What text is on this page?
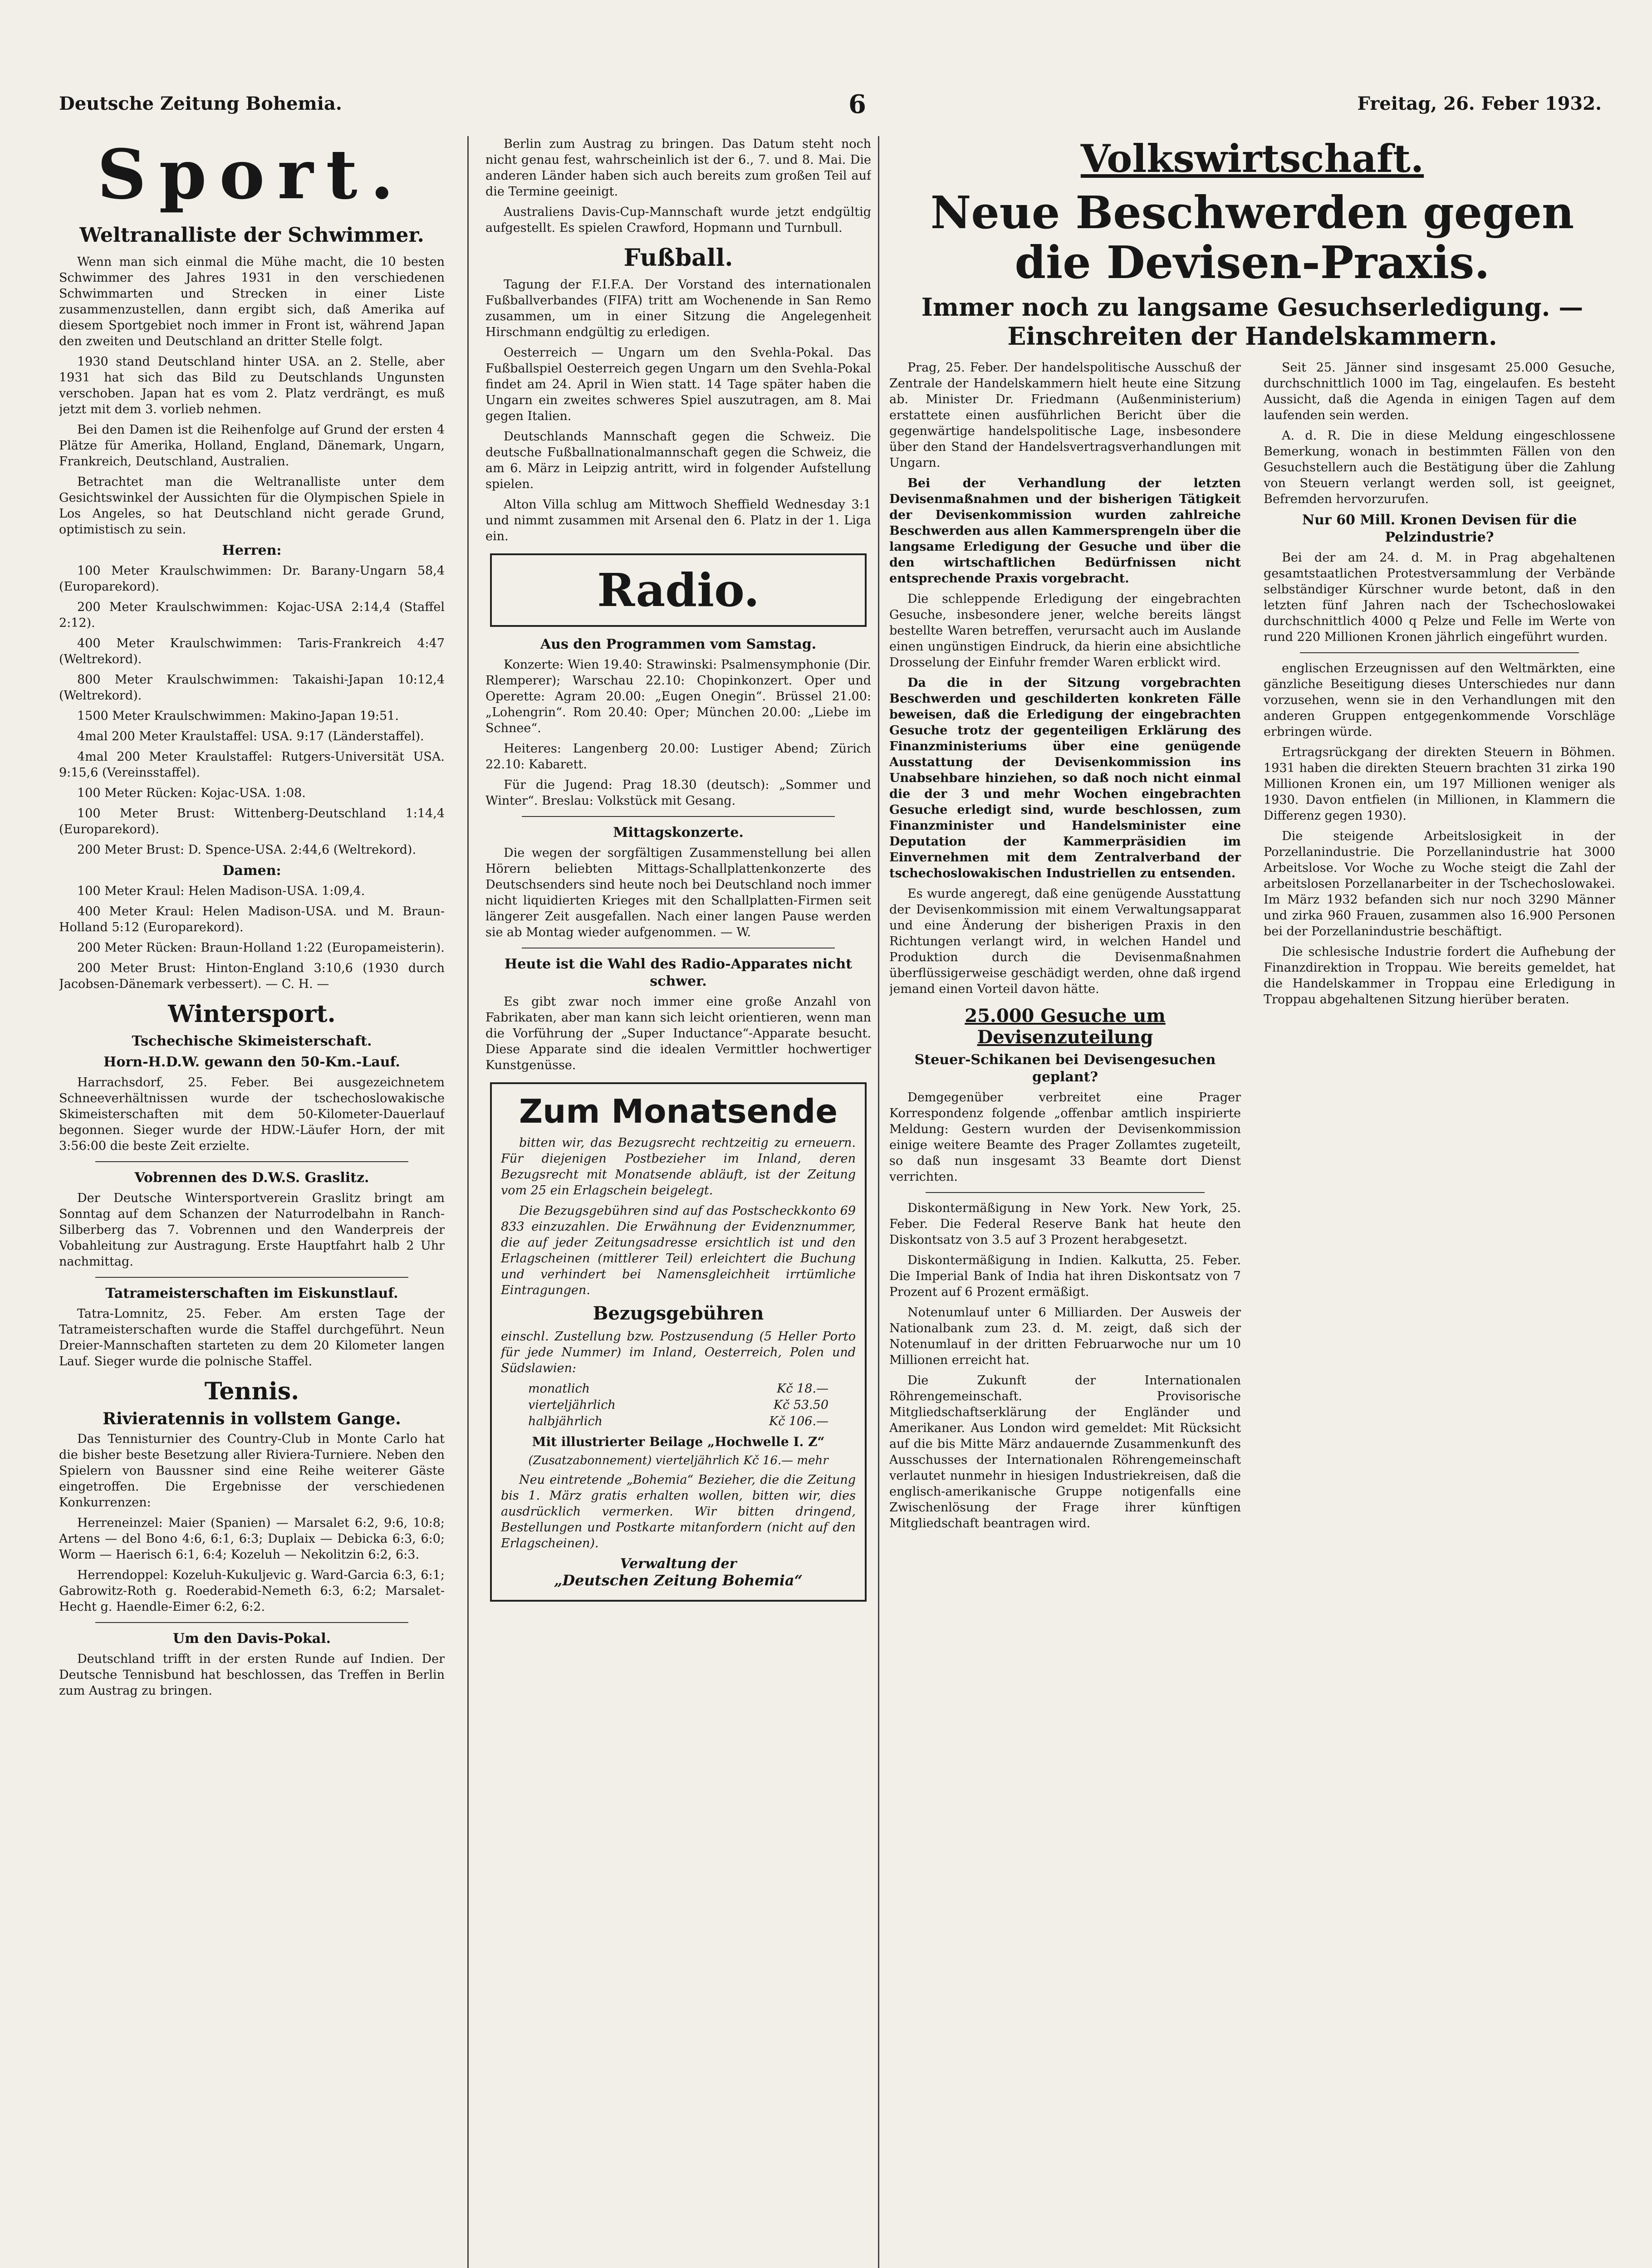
Deutsche Zeitung Bohemia.	6	Freitag, 26. Feber 1932.
Sport.
Weltranalliste der Schwimmer.

Wenn man sich einmal die Mühe macht, die 10 besten Schwimmer des Jahres 1931 in den verschiedenen Schwimmarten und Strecken in einer Liste zusammenzustellen, dann ergibt sich, daß Amerika auf diesem Sportgebiet noch immer in Front ist, während Japan den zweiten und Deutschland an dritter Stelle folgt.

1930 stand Deutschland hinter USA. an 2. Stelle, aber 1931 hat sich das Bild zu Deutschlands Ungunsten verschoben. Japan hat es vom 2. Platz verdrängt, es muß jetzt mit dem 3. vorlieb nehmen.

Bei den Damen ist die Reihenfolge auf Grund der ersten 4 Plätze für Amerika, Holland, England, Dänemark, Ungarn, Frankreich, Deutschland, Australien.

Betrachtet man die Weltranalliste unter dem Gesichtswinkel der Aussichten für die Olympischen Spiele in Los Angeles, so hat Deutschland nicht gerade Grund, optimistisch zu sein.

Herren:

100 Meter Kraulschwimmen: Dr. Barany-Ungarn 58,4 (Europarekord).

200 Meter Kraulschwimmen: Kojac-USA 2:14,4 (Staffel 2:12).

400 Meter Kraulschwimmen: Taris-Frankreich 4:47 (Weltrekord).

800 Meter Kraulschwimmen: Takaishi-Japan 10:12,4 (Weltrekord).

1500 Meter Kraulschwimmen: Makino-Japan 19:51.

4mal 200 Meter Kraulstaffel: USA. 9:17 (Länderstaffel).

4mal 200 Meter Kraulstaffel: Rutgers-Universität USA. 9:15,6 (Vereinsstaffel).

100 Meter Rücken: Kojac-USA. 1:08.

100 Meter Brust: Wittenberg-Deutschland 1:14,4 (Europarekord).

200 Meter Brust: D. Spence-USA. 2:44,6 (Weltrekord).

Damen:

100 Meter Kraul: Helen Madison-USA. 1:09,4.

400 Meter Kraul: Helen Madison-USA. und M. Braun-Holland 5:12 (Europarekord).

200 Meter Rücken: Braun-Holland 1:22 (Europameisterin).

200 Meter Brust: Hinton-England 3:10,6 (1930 durch Jacobsen-Dänemark verbessert). — C. H. —

Wintersport.
Tschechische Skimeisterschaft.
Horn-H.D.W. gewann den 50-Km.-Lauf.

Harrachsdorf, 25. Feber. Bei ausgezeichnetem Schneeverhältnissen wurde der tschechoslowakische Skimeisterschaften mit dem 50-Kilometer-Dauerlauf begonnen. Sieger wurde der HDW.-Läufer Horn, der mit 3:56:00 die beste Zeit erzielte.

Vobrennen des D.W.S. Graslitz.

Der Deutsche Wintersportverein Graslitz bringt am Sonntag auf dem Schanzen der Naturrodelbahn in Ranch-Silberberg das 7. Vobrennen und den Wanderpreis der Vobahleitung zur Austragung. Erste Hauptfahrt halb 2 Uhr nachmittag.

Tatrameisterschaften im Eiskunstlauf.

Tatra-Lomnitz, 25. Feber. Am ersten Tage der Tatrameisterschaften wurde die Staffel durchgeführt. Neun Dreier-Mannschaften starteten zu dem 20 Kilometer langen Lauf. Sieger wurde die polnische Staffel.

Tennis.
Rivieratennis in vollstem Gange.

Das Tennisturnier des Country-Club in Monte Carlo hat die bisher beste Besetzung aller Riviera-Turniere. Neben den Spielern von Baussner sind eine Reihe weiterer Gäste eingetroffen. Die Ergebnisse der verschiedenen Konkurrenzen:

Herreneinzel: Maier (Spanien) — Marsalet 6:2, 9:6, 10:8; Artens — del Bono 4:6, 6:1, 6:3; Duplaix — Debicka 6:3, 6:0; Worm — Haerisch 6:1, 6:4; Kozeluh — Nekolitzin 6:2, 6:3.

Herrendoppel: Kozeluh-Kukuljevic g. Ward-Garcia 6:3, 6:1; Gabrowitz-Roth g. Roederabid-Nemeth 6:3, 6:2; Marsalet-Hecht g. Haendle-Eimer 6:2, 6:2.

Um den Davis-Pokal.

Deutschland trifft in der ersten Runde auf Indien. Der Deutsche Tennisbund hat beschlossen, das Treffen in Berlin zum Austrag zu bringen.

Berlin zum Austrag zu bringen. Das Datum steht noch nicht genau fest, wahrscheinlich ist der 6., 7. und 8. Mai. Die anderen Länder haben sich auch bereits zum großen Teil auf die Termine geeinigt.

Australiens Davis-Cup-Mannschaft wurde jetzt endgültig aufgestellt. Es spielen Crawford, Hopmann und Turnbull.

Fußball.

Tagung der F.I.F.A. Der Vorstand des internationalen Fußballverbandes (FIFA) tritt am Wochenende in San Remo zusammen, um in einer Sitzung die Angelegenheit Hirschmann endgültig zu erledigen.

Oesterreich — Ungarn um den Svehla-Pokal. Das Fußballspiel Oesterreich gegen Ungarn um den Svehla-Pokal findet am 24. April in Wien statt. 14 Tage später haben die Ungarn ein zweites schweres Spiel auszutragen, am 8. Mai gegen Italien.

Deutschlands Mannschaft gegen die Schweiz. Die deutsche Fußballnationalmannschaft gegen die Schweiz, die am 6. März in Leipzig antritt, wird in folgender Aufstellung spielen.

Alton Villa schlug am Mittwoch Sheffield Wednesday 3:1 und nimmt zusammen mit Arsenal den 6. Platz in der 1. Liga ein.

Radio.
Aus den Programmen vom Samstag.

Konzerte: Wien 19.40: Strawinski: Psalmensymphonie (Dir. Rlemperer); Warschau 22.10: Chopinkonzert. Oper und Operette: Agram 20.00: „Eugen Onegin“. Brüssel 21.00: „Lohengrin“. Rom 20.40: Oper; München 20.00: „Liebe im Schnee“.

Heiteres: Langenberg 20.00: Lustiger Abend; Zürich 22.10: Kabarett.

Für die Jugend: Prag 18.30 (deutsch): „Sommer und Winter“. Breslau: Volkstück mit Gesang.

Mittagskonzerte.

Die wegen der sorgfältigen Zusammenstellung bei allen Hörern beliebten Mittags-Schallplattenkonzerte des Deutschsenders sind heute noch bei Deutschland noch immer nicht liquidierten Krieges mit den Schallplatten-Firmen seit längerer Zeit ausgefallen. Nach einer langen Pause werden sie ab Montag wieder aufgenommen. — W.

Heute ist die Wahl des Radio-Apparates nicht schwer.

Es gibt zwar noch immer eine große Anzahl von Fabrikaten, aber man kann sich leicht orientieren, wenn man die Vorführung der „Super Inductance“-Apparate besucht. Diese Apparate sind die idealen Vermittler hochwertiger Kunstgenüsse.

Zum Monatsende

bitten wir, das Bezugsrecht rechtzeitig zu erneuern. Für diejenigen Postbezieher im Inland, deren Bezugsrecht mit Monatsende abläuft, ist der Zeitung vom 25 ein Erlagschein beigelegt.

Die Bezugsgebühren sind auf das Postscheckkonto 69 833 einzuzahlen. Die Erwähnung der Evidenznummer, die auf jeder Zeitungsadresse ersichtlich ist und den Erlagscheinen (mittlerer Teil) erleichtert die Buchung und verhindert bei Namensgleichheit irrtümliche Eintragungen.

Bezugsgebühren

einschl. Zustellung bzw. Postzusendung (5 Heller Porto für jede Nummer) im Inland, Oesterreich, Polen und Südslawien:

monatlich	Kč 18.—
vierteljährlich	Kč 53.50
halbjährlich	Kč 106.—
Mit illustrierter Beilage „Hochwelle I. Z“
(Zusatzabonnement) vierteljährlich Kč 16.— mehr

Neu eintretende „Bohemia“ Bezieher, die die Zeitung bis 1. März gratis erhalten wollen, bitten wir, dies ausdrücklich vermerken. Wir bitten dringend, Bestellungen und Postkarte mitanfordern (nicht auf den Erlagscheinen).

Verwaltung der
„Deutschen Zeitung Bohemia“
Volkswirtschaft.
Neue Beschwerden gegen die Devisen-Praxis.
Immer noch zu langsame Gesuchserledigung. — Einschreiten der Handelskammern.

Prag, 25. Feber. Der handelspolitische Ausschuß der Zentrale der Handelskammern hielt heute eine Sitzung ab. Minister Dr. Friedmann (Außenministerium) erstattete einen ausführlichen Bericht über die gegenwärtige handelspolitische Lage, insbesondere über den Stand der Handelsvertragsverhandlungen mit Ungarn.

Bei der Verhandlung der letzten Devisenmaßnahmen und der bisherigen Tätigkeit der Devisenkommission wurden zahlreiche Beschwerden aus allen Kammersprengeln über die langsame Erledigung der Gesuche und über die den wirtschaftlichen Bedürfnissen nicht entsprechende Praxis vorgebracht.

Die schleppende Erledigung der eingebrachten Gesuche, insbesondere jener, welche bereits längst bestellte Waren betreffen, verursacht auch im Auslande einen ungünstigen Eindruck, da hierin eine absichtliche Drosselung der Einfuhr fremder Waren erblickt wird.

Da die in der Sitzung vorgebrachten Beschwerden und geschilderten konkreten Fälle beweisen, daß die Erledigung der eingebrachten Gesuche trotz der gegenteiligen Erklärung des Finanzministeriums über eine genügende Ausstattung der Devisenkommission ins Unabsehbare hinziehen, so daß noch nicht einmal die der 3 und mehr Wochen eingebrachten Gesuche erledigt sind, wurde beschlossen, zum Finanzminister und Handelsminister eine Deputation der Kammerpräsidien im Einvernehmen mit dem Zentralverband der tschechoslowakischen Industriellen zu entsenden.

Es wurde angeregt, daß eine genügende Ausstattung der Devisenkommission mit einem Verwaltungsapparat und eine Änderung der bisherigen Praxis in den Richtungen verlangt wird, in welchen Handel und Produktion durch die Devisenmaßnahmen überflüssigerweise geschädigt werden, ohne daß irgend jemand einen Vorteil davon hätte.

25.000 Gesuche um Devisenzuteilung
Steuer-Schikanen bei Devisengesuchen geplant?

Demgegenüber verbreitet eine Prager Korrespondenz folgende „offenbar amtlich inspirierte Meldung: Gestern wurden der Devisenkommission einige weitere Beamte des Prager Zollamtes zugeteilt, so daß nun insgesamt 33 Beamte dort Dienst verrichten.

Diskontermäßigung in New York. New York, 25. Feber. Die Federal Reserve Bank hat heute den Diskontsatz von 3.5 auf 3 Prozent herabgesetzt.

Diskontermäßigung in Indien. Kalkutta, 25. Feber. Die Imperial Bank of India hat ihren Diskontsatz von 7 Prozent auf 6 Prozent ermäßigt.

Notenumlauf unter 6 Milliarden. Der Ausweis der Nationalbank zum 23. d. M. zeigt, daß sich der Notenumlauf in der dritten Februarwoche nur um 10 Millionen erreicht hat.

Die Zukunft der Internationalen Röhrengemeinschaft. Provisorische Mitgliedschaftserklärung der Engländer und Amerikaner. Aus London wird gemeldet: Mit Rücksicht auf die bis Mitte März andauernde Zusammenkunft des Ausschusses der Internationalen Röhrengemeinschaft verlautet nunmehr in hiesigen Industriekreisen, daß die englisch-amerikanische Gruppe notigenfalls eine Zwischenlösung der Frage ihrer künftigen Mitgliedschaft beantragen wird.

Seit 25. Jänner sind insgesamt 25.000 Gesuche, durchschnittlich 1000 im Tag, eingelaufen. Es besteht Aussicht, daß die Agenda in einigen Tagen auf dem laufenden sein werden.

A. d. R. Die in diese Meldung eingeschlossene Bemerkung, wonach in bestimmten Fällen von den Gesuchstellern auch die Bestätigung über die Zahlung von Steuern verlangt werden soll, ist geeignet, Befremden hervorzurufen.

Nur 60 Mill. Kronen Devisen für die Pelzindustrie?

Bei der am 24. d. M. in Prag abgehaltenen gesamtstaatlichen Protestversammlung der Verbände selbständiger Kürschner wurde betont, daß in den letzten fünf Jahren nach der Tschechoslowakei durchschnittlich 4000 q Pelze und Felle im Werte von rund 220 Millionen Kronen jährlich eingeführt wurden.

englischen Erzeugnissen auf den Weltmärkten, eine gänzliche Beseitigung dieses Unterschiedes nur dann vorzusehen, wenn sie in den Verhandlungen mit den anderen Gruppen entgegenkommende Vorschläge erbringen würde.

Ertragsrückgang der direkten Steuern in Böhmen. 1931 haben die direkten Steuern brachten 31 zirka 190 Millionen Kronen ein, um 197 Millionen weniger als 1930. Davon entfielen (in Millionen, in Klammern die Differenz gegen 1930).

Die steigende Arbeitslosigkeit in der Porzellanindustrie. Die Porzellanindustrie hat 3000 Arbeitslose. Vor Woche zu Woche steigt die Zahl der arbeitslosen Porzellanarbeiter in der Tschechoslowakei. Im März 1932 befanden sich nur noch 3290 Männer und zirka 960 Frauen, zusammen also 16.900 Personen bei der Porzellanindustrie beschäftigt.

Die schlesische Industrie fordert die Aufhebung der Finanzdirektion in Troppau. Wie bereits gemeldet, hat die Handelskammer in Troppau eine Erledigung in Troppau abgehaltenen Sitzung hierüber beraten.
